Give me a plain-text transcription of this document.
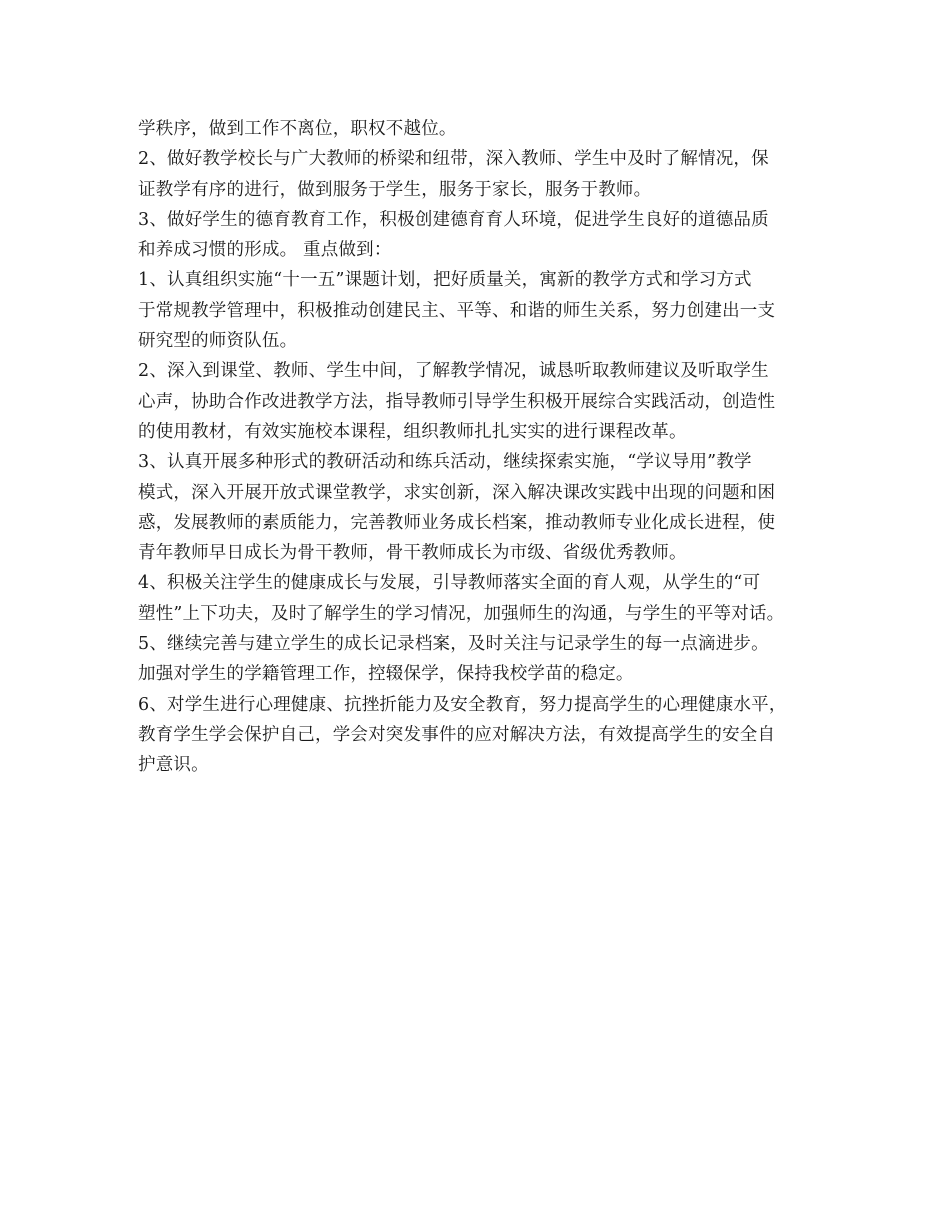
学秩序，做到工作不离位，职权不越位。
2、做好教学校长与广大教师的桥梁和纽带，深入教师、学生中及时了解情况，保
证教学有序的进行，做到服务于学生，服务于家长，服务于教师。
3、做好学生的德育教育工作，积极创建德育育人环境，促进学生良好的道德品质
和养成习惯的形成。 重点做到：
1、认真组织实施“十一五”课题计划，把好质量关，寓新的教学方式和学习方式
于常规教学管理中，积极推动创建民主、平等、和谐的师生关系，努力创建出一支
研究型的师资队伍。
2、深入到课堂、教师、学生中间，了解教学情况，诚恳听取教师建议及听取学生
心声，协助合作改进教学方法，指导教师引导学生积极开展综合实践活动，创造性
的使用教材，有效实施校本课程，组织教师扎扎实实的进行课程改革。
3、认真开展多种形式的教研活动和练兵活动，继续探索实施，“学议导用”教学
模式，深入开展开放式课堂教学，求实创新，深入解决课改实践中出现的问题和困
惑，发展教师的素质能力，完善教师业务成长档案，推动教师专业化成长进程，使
青年教师早日成长为骨干教师，骨干教师成长为市级、省级优秀教师。
4、积极关注学生的健康成长与发展，引导教师落实全面的育人观，从学生的“可
塑性”上下功夫，及时了解学生的学习情况，加强师生的沟通，与学生的平等对话。
5、继续完善与建立学生的成长记录档案，及时关注与记录学生的每一点滴进步。
加强对学生的学籍管理工作，控辍保学，保持我校学苗的稳定。
6、对学生进行心理健康、抗挫折能力及安全教育，努力提高学生的心理健康水平，
教育学生学会保护自己，学会对突发事件的应对解决方法，有效提高学生的安全自
护意识。
